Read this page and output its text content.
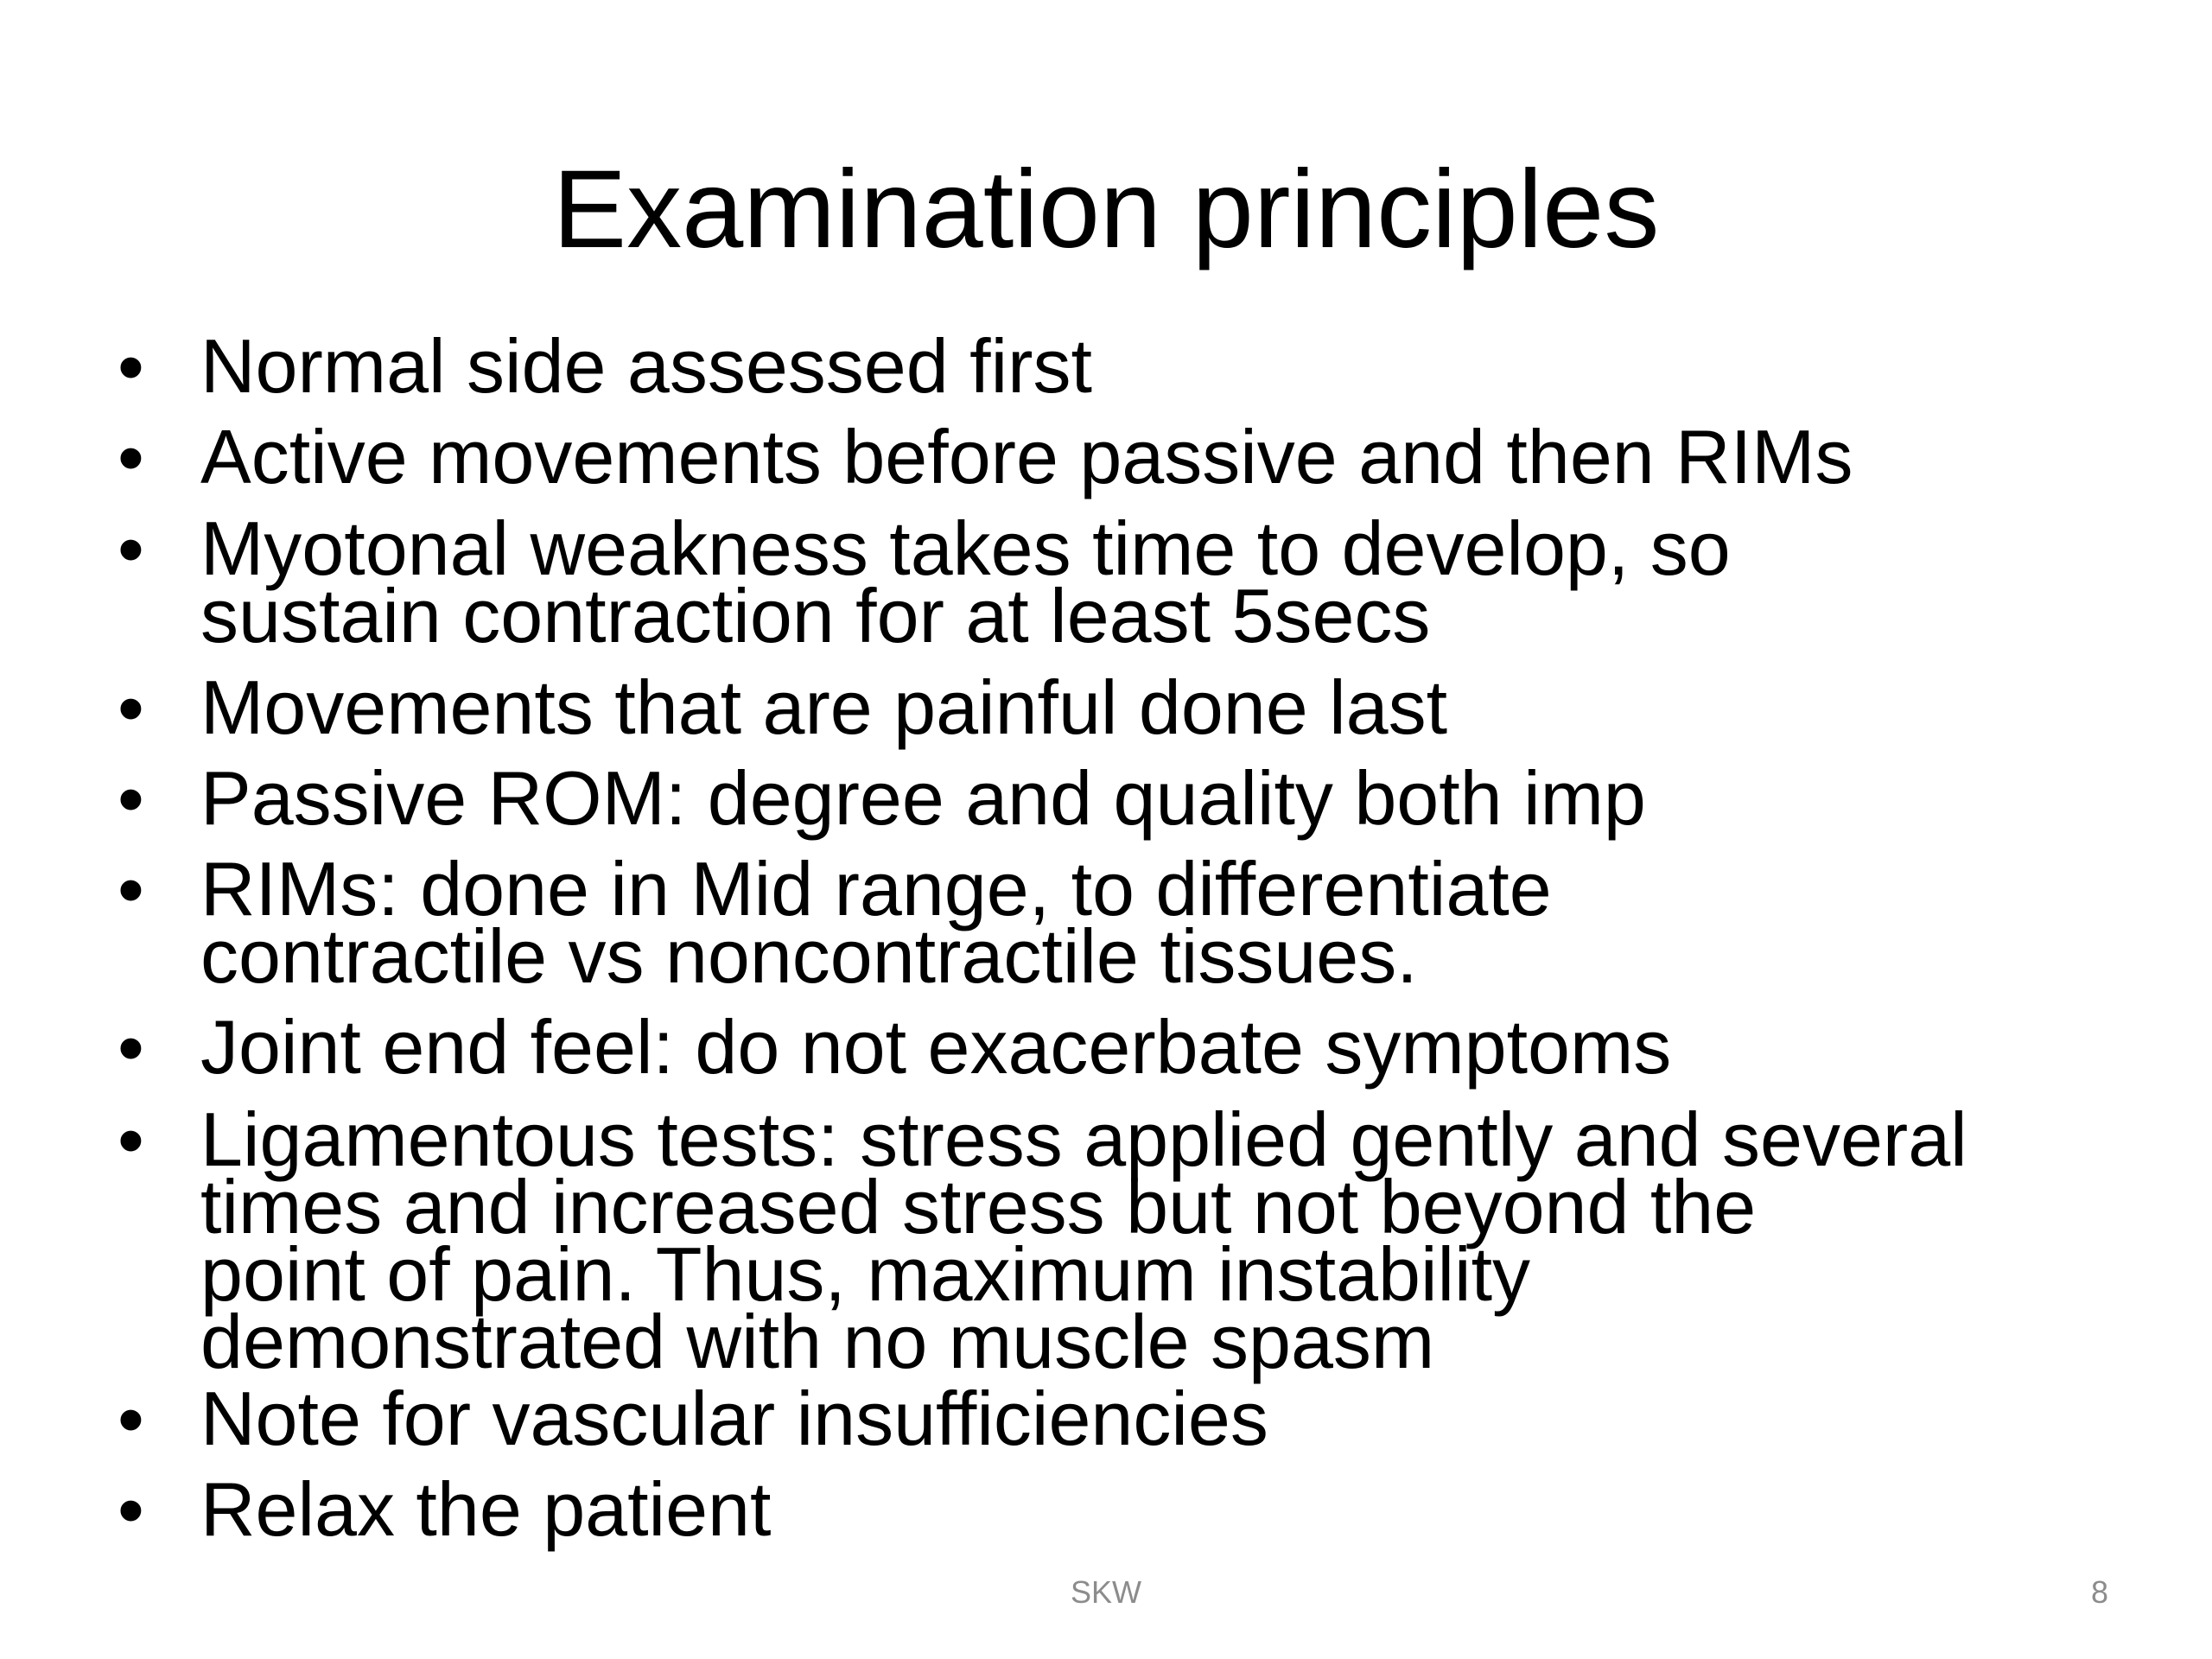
Examination principles
• Normal side assessed first
• Active movements before passive and then RIMs
• Myotonal weakness takes time to develop, so
sustain contraction for at least 5secs
• Movements that are painful done last
• Passive ROM: degree and quality both imp
• RIMs: done in Mid range, to differentiate
contractile vs noncontractile tissues.
• Joint end feel: do not exacerbate symptoms
• Ligamentous tests: stress applied gently and several
times and increased stress but not beyond the
point of pain. Thus, maximum instability
demonstrated with no muscle spasm
• Note for vascular insufficiencies
• Relax the patient
SKW	8
